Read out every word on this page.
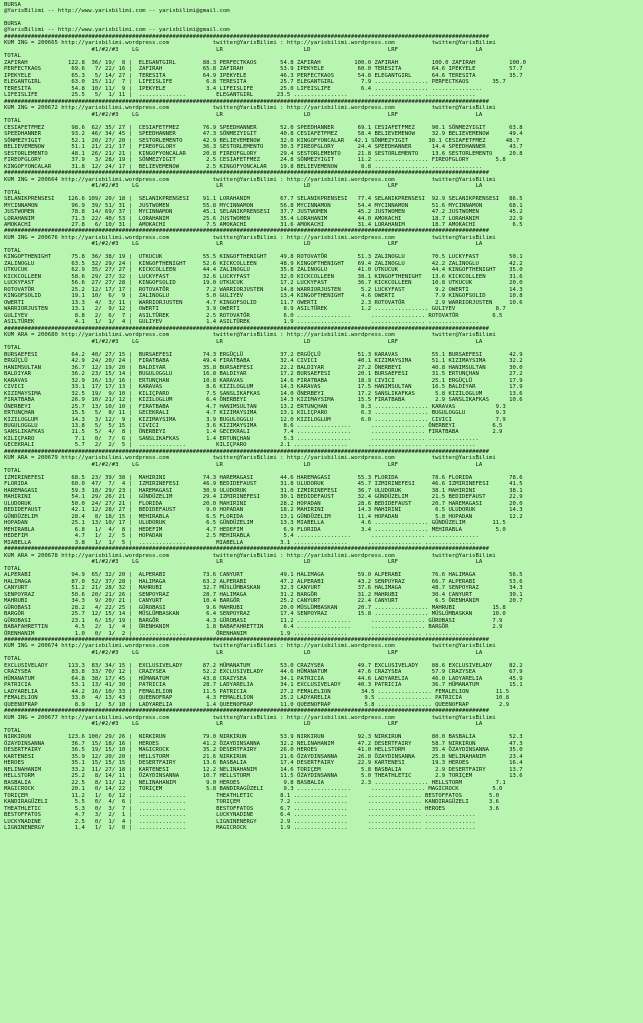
BURSA
@YarisBilimi -- http://www.yarisbilimi.com -- yarisbilimi@gmail.com
BURSA
@YarisBilimi -- http://www.yarisbilimi.com -- yarisbilimi@gmail.com
################################################################################################################################################
KUM ING = 200665 http://yarisbilimi.wordpress.com             twitter@YarisBilimi : http://yarisbilimi.wordpress.com           twitter@YarisBilimi
#1/#2/#3    LG                       LR                        LD                       LRF                       LA
TOTAL
ZAFIRAH            122.8  36/ 19/  8 |  ELEGANTGIRL        88.3 PERFECTKAOS       54.8 ZAFIRAH          100.0 ZAFIRAH          100.0 ZAFIRAH          100.0
PERFECTKAOS         69.6   7/ 22/ 16 |  ZAFIRAH            65.8 ZAFIRAH           53.9 IPEKYELE          60.0 TERESITA         64.6 IPEKYELE          57.7
IPEKYELE            65.3   5/ 14/ 27 |  TERESITA           64.9 IPEKYELE          46.3 PERFECTKAOS       54.8 ELEGANTGIRL      64.6 TERESITA          35.7
ELEGANTGIRL         63.0  15/ 11/  7 |  LIFEISLIFE          6.8 TERESITA          25.7 ELEGANTGIRL        7.9 ................ PERFECTKAOS       35.7
TERESITA            54.8  10/ 11/  9 |  IPEKYELE            3.4 LIFEISLIFE        25.0 LIFEISLIFE         6.4 ................ ...............
LIFEISLIFE          25.5   5/  1/ 11 |  ..............         ELEGANTGIRL       23.5 ................      ................ ...............
################################################################################################################################################
KUM ING = 200672 http://yarisbilimi.wordpress.com             twitter@YarisBilimi : http://yarisbilimi.wordpress.com           twitter@YarisBilimi
#1/#2/#3    LG                       LR                        LD                       LRF                       LA
TOTAL
CESIAFETFMEZ        98.6  62/ 35/ 27 |  CESIAFETFMEZ       76.9 SPEEDHANNER       52.0 SPEEDHANNER       69.1 CESIAFETFMEZ     90.1 SÖNMEZYIGIT       63.8
SPEEDHANNER         93.2  46/ 34/ 45 |  SPEEDHANNER        47.3 SÖNMEZYIGIT       40.8 CESIAFETFMEZ      58.4 BELIEVEMENOW     32.9 BELIEVEMENOW      49.4
SÖNMEZYIGIT         52.1  20/ 27/ 20 |  SESTORLEMENTO      42.9 BELIEVEMENOW      32.0 KINGOFYONCALAR   42.1 SÖNMEZYIGIT      38.1 CESIAFETFMEZ      48.7
BELIEVEMENOW        51.1  21/ 21/ 17 |  FIREOFGLORY        36.3 SESTORLEMENTO     30.3 FIREOFGLORY       24.4 SPEEDHANNER      14.4 SPEEDHANNER       43.7
SESTORLEMENTO       48.1  26/ 21/ 21 |  KINGOFYONCALAR     20.8 FIREOFGLORY       29.4 SESTORLEMENTO     21.8 SESTORLEMENTO    13.6 SESTORLEMENTO     20.8
FIREOFGLORY         37.9   3/ 28/ 19 |  SÖNMEZYIGIT         2.5 CESIAFETFMEZ      24.8 SÖNMEZYIGIT       11.2 ................ FIREOFGLORY        5.8
KINGOFYONCALAR      31.8  12/ 24/ 17 |  BELIEVEMENOW        2.5 KINGOFYONCALAR    19.8 BELIEVEMENOW       8.8 ................ ...............
################################################################################################################################################
KUM ING = 200664 http://yarisbilimi.wordpress.com             twitter@YarisBilimi : http://yarisbilimi.wordpress.com           twitter@YarisBilimi
#1/#2/#3    LG                       LR                        LD                       LRF                       LA
TOTAL
SELANIKPRENSESI    126.6 109/ 20/ 18 |  SELANIKPRENSESI    91.1 LORAHANIM         67.7 SELANIKPRENSESI   77.4 SELANIKPRENSESI  92.9 SELANIKPRENSESI   86.5
MYCINNAMON          96.9  39/ 51/ 31 |  JUSTWOMEN          55.8 MYCINNAMON        56.8 MYCINNAMON        54.4 MYCINNAMON       51.6 MYCINNAMON        68.1
JUSTWOMEN           78.8  14/ 69/ 37 |  MYCINNAMON         45.1 SELANIKPRENSESI   37.7 JUSTWOMEN         45.2 JUSTWOMEN        47.2 JUSTWOMEN         45.2
LORAHANIM           71.3  22/ 40/ 53 |  LORAHANIM          25.6 JUSTWOMEN         35.4 LORAHANIM         44.0 AMOKACHI         18.7 LORAHANIM         22.9
AMOKACHI            27.8   6/ 10/ 31 |  AMOKACHI            7.5 AMOKACHI          31.6 AMOKACHI          31.4 LORAHANIM        18.7 AMOKACHI           6.5
################################################################################################################################################
KUM ING = 200676 http://yarisbilimi.wordpress.com             twitter@YarisBilimi : http://yarisbilimi.wordpress.com           twitter@YarisBilimi
#1/#2/#3    LG                       LR                        LD                       LRF                       LA
TOTAL
KINGOFTHENIGHT      75.8  36/ 38/ 19 |  UTKUCUK            55.5 KINGOFTHENIGHT    49.8 ROTOVATÖR         51.3 ZALINOGLU        70.5 LUCKYFAST         50.1
ZALINOGLU           63.5  32/ 29/ 24 |  KINGOFTHENIGHT     52.6 KICKCOLLEEN       48.9 KINGOFTHENIGHT    69.4 ZALINOGLU        42.2 ZALINOGLU         42.2
UTKUCUK             62.9  35/ 27/ 27 |  KICKCOLLEEN        44.4 ZALINOGLU         35.8 ZALINOGLU         41.0 UTKUCUK          44.4 KINGOFTHENIGHT    35.0
KICKCOLLEEN         58.6  29/ 27/ 32 |  LUCKYFAST          32.6 LUCKYFAST         32.0 KICKCOLLEEN       38.1 KINGOFTHENIGHT   13.6 KICKCOLLEEN       31.6
LUCKYFAST           56.6  27/ 27/ 28 |  KINGOFSOLID        19.0 UTKUCUK           17.2 LUCKYFAST         36.7 KICKCOLLEEN      10.8 UTKUCUK           20.0
ROTOVATÖR           25.2  12/ 17/ 17 |  ROTOVATÖR           7.2 WARRIORJUSTEN     14.8 WARRIORJUSTEN      5.2 LUCKYFAST         9.2 OWERTI            14.3
KINGOFSOLID         19.1  10/  6/  9 |  ZALINOGLU           5.0 GULIYEV           13.4 KINGOFTHENIGHT     4.6 OWERTI            7.9 KINGOFSOLID       10.8
OWERTI              13.3   4/  3/ 11 |  WARRIORJUSTEN       4.7 KINGOFSOLID       11.7 OWERTI             2.3 ROTOVATÖR         2.9 WARRIORJUSTEN     10.6
WARRIORJUSTEN       13.1   2/  9/ 12 |  OWERTI              3.9 OWERTI             8.9 ASILTÜREK          1.2 ................ GULIYEV            8.7
GULIYEV              8.8   2/  6/  7 |  ASILTÜREK           2.5 ROTOVATÖR          6.0 ................      ................ ROTOVATÖR          6.5
ASILTÜREK            4.1   1/  1/  4 |  GULIYEV             1.4 ASILTÜREK          1.9 ................      ................ ...............
################################################################################################################################################
KUM ARA = 200680 http://yarisbilimi.wordpress.com             twitter@YarisBilimi : http://yarisbilimi.wordpress.com           twitter@YarisBilimi
#1/#2/#3    LG                       LR                        LD                       LRF                       LA
TOTAL
BURSAEFESI          64.2  40/ 27/ 15 |  BURSAEFESI         74.3 ERGÜÇLÜ           37.2 ERGÜÇLÜ           51.3 KARAVAS          55.1 BURSAEFESI        42.9
ERGÜÇLÜ             42.9  24/ 20/ 24 |  FIRATBABA          49.4 FIRATBABA         32.4 CIVICI            40.1 KIZIMAYSIMA      51.1 KIZIMAYSIMA       32.2
HANIMSULTAN         36.7  12/ 19/ 20 |  BALDIYAR           35.8 BURSAEFESI        22.2 BALDIYAR          27.2 ÖNERBEYI         40.8 HANIMSULTAN       30.0
BALDIYAR            36.2  23/ 15/ 14 |  BUGULOGGLU         16.8 BALDIYAR          17.2 BURSAEFESI        20.1 BURSAEFESI       31.5 ERTUNÇHAN         27.2
KARAVAS             32.9  16/ 13/ 16 |  ERTUNÇHAN          10.8 KARAVAS           14.6 FIRATBABA         18.9 CIVICI           25.1 ERGÜÇLÜ           17.9
CIVICI              33.1  17/ 17/ 13 |  KARAVAS             8.6 KIZILOGLUM        14.3 KARAVAS           17.5 HANIMSULTAN      16.5 BALDIYAR          17.9
KIZIMAYSIMA         32.5  19/  9/ 10 |  KILIÇPARO           7.5 SANSLIKAFKAS      14.0 ÖNERBEYI          17.2 SANSLIKAFKAS      5.8 KIZILOGLUM        13.6
FIRATBABA           26.9  10/ 21/ 12 |  KIZILOGLUM          6.4 ÖNERBEYI          14.3 KIZIMAYSIMA       15.5 FIRATBABA         2.9 SANSLIKAFKAS      10.6
ÖNERBEYI            25.7  13/ 10/ 10 |  FIRATBABA           4.7 HANIMSULTAN       13.2 ERTUNÇHAN          8.3 ................ KARAVAS            9.3
ERTUNÇHAN           15.5   5/  8/ 11 |  GECEKRALI           4.7 KIZIMAYSIMA       13.1 KILIÇPARO          6.3 ................ BUGULOGGLU         9.3
KIZILOGLUM          14.3   3/ 12/  9 |  KIZIMAYSIMA         3.9 BUGULOGGLU        12.0 KIZILOGLUM         6.0 ................ CIVICI             7.9
BUGULOGGLU          13.8   5/  5/ 15 |  CIVICI              3.6 KIZIMAYSIMA        8.6 ................      ................ ÖNERBEYI           6.5
SANSLIKAFKAS        11.5   5/  4/  8 |  ÖNERBEYI            1.4 GECEKRALI          7.4 ................      ................ FIRATBABA          2.9
KILIÇPARO            7.1   0/  7/  6 |  SANSLIKAFKAS        1.4 ERTUNÇHAN          5.3 ................      ................ ...............
GECEKRALI            5.7   2/  2/  5 |  ..............         KILIÇPARO          2.1 ................      ................ ...............
################################################################################################################################################
KUM ARA = 200679 http://yarisbilimi.wordpress.com             twitter@YarisBilimi : http://yarisbilimi.wordpress.com           twitter@YarisBilimi
#1/#2/#3    LG                       LR                        LD                       LRF                       LA
TOTAL
IZMIRINEFESI        68.5  23/ 39/ 38 |  MAHIRINI           74.3 HAREMAGASI        44.6 HAREMAGASI        55.3 FLORIDA          78.6 FLORIDA           78.6
FLORIDA             60.0  47/  7/  4 |  IZMIRINEFESI       46.9 BEDIDEFAUST       31.8 ULUDORUK          45.7 IZMIRINEFESI     46.6 IZMIRINEFESI      41.5
HAREMAGASI          59.3  18/ 29/ 23 |  HAREMAGASI         30.9 ULUDORUK          31.0 IZMIRINEFESI      36.7 ULUDORUK         38.1 MAHIRINI          38.1
MAHIRINI            54.1  29/ 26/ 21 |  GÜNDÜZELIM         29.4 IZMIRINEFESI      30.1 BEDIDEFAUST       32.4 GÜNDÜZELIM       21.5 BEDIDEFAUST       22.9
ULUDORUK            50.0  24/ 27/ 21 |  FLORIDA            20.0 MAHIRINI          28.2 HOPADAN           28.6 BEDIDEFAUST      20.7 HAREMAGASI        20.0
BEDIDEFAUST         42.1  12/ 28/ 27 |  BEDIDEFAUST         9.0 HOPADAN           18.2 MAHIRINI          14.3 MAHIRINI          6.5 ULUDORUK          14.3
GÜNDÜZELIM          28.4   8/ 18/ 15 |  MEHIRABLA           6.5 FLORIDA           13.1 GÜNDÜZELIM        11.4 HOPADAN           5.8 HOPADAN           12.2
HOPADAN             25.1  13/ 10/ 17 |  ULUDORUK            6.5 GÜNDÜZELIM        13.3 MIABELLA           4.6 ................ GÜNDÜZELIM        11.5
MEHIRABLA            6.8   1/  4/  8 |  HEDEFIM             4.7 HEDEFIM            6.9 FLORIDA            3.4 ................ MEHIRABLA          5.0
HEDEFIM              4.7   1/  2/  5 |  HOPADAN             2.5 MEHIRABLA          5.4 ................      ................ ...............
MIABELLA             3.8   1/  1/  5 |  ..............         MIABELLA           3.1 ................      ................ ...............
################################################################################################################################################
KUM ARA = 200678 http://yarisbilimi.wordpress.com             twitter@YarisBilimi : http://yarisbilimi.wordpress.com           twitter@YarisBilimi
#1/#2/#3    LG                       LR                        LD                       LRF                       LA
TOTAL
ALPERABI            94.9  65/ 32/ 20 |  ALPERABI           73.6 CANYURT           49.1 HALIMAGA          59.0 ALPERABI         76.6 HALIMAGA          56.5
HALIMAGA            87.0  52/ 37/ 28 |  HALIMAGA           63.2 ALPERABI          47.2 ALPERABI          43.2 SENPOYRAZ        66.7 ALPERABI          53.6
CANYURT             51.2  21/ 28/ 32 |  MAHRUBI            32.7 MÜSLÜMBASKAN      32.3 CANYURT           37.6 HALIMAGA         48.7 SENPOYRAZ         34.3
SENPOYRAZ           50.6  20/ 21/ 26 |  SENPOYRAZ          28.7 HALIMAGA          31.2 BARGÖR            31.2 MAHRUBI          30.4 CANYURT           30.1
MAHRUBI             34.3   9/ 20/ 21 |  CANYURT            10.4 BARGÖR            25.2 CANYURT           22.4 CANYURT           6.5 ÖRENHANIM         20.7
GÜROBASI            28.2   4/ 22/ 25 |  GÜROBASI            9.6 MAHRUBI           20.0 MÜSLÜMBASKAN      20.7 ................ MAHRUBI           15.8
BARGÖR              25.7  12/ 15/ 14 |  MÜSLÜMBASKAN        6.4 SENPOYRAZ         17.4 SENPOYRAZ         15.8 ................ MÜSLÜMBASKAN      10.0
GÜROBASI            23.1   6/ 15/ 19 |  BARGÖR              4.3 GÜROBASI          11.2 ................      ................ GÜROBASI           7.9
BABAFAHRETTIN        4.5   2/  1/  4 |  ÖRENHANIM           1.8 BABAFAHRETTIN      6.4 ................      ................ BARGÖR             2.9
ÖRENHANIM            1.0   0/  1/  2 |  ..............         ÖRENHANIM          1.9 ................      ................ ...............
################################################################################################################################################
KUM ING = 200674 http://yarisbilimi.wordpress.com             twitter@YarisBilimi : http://yarisbilimi.wordpress.com           twitter@YarisBilimi
#1/#2/#3    LG                       LR                        LD                       LRF                       LA
TOTAL
EXCLUSIVELADY      113.3  83/ 34/ 15 |  EXCLUSIVELADY      87.2 HÜMANATUM         53.0 CRAZYSEA          49.7 EXCLUSIVELADY    88.6 EXCLUSIVELADY     82.2
CRAZYSEA            83.8  33/ 70/ 12 |  CRAZYSEA           52.2 EXCLUSIVELADY     44.6 HÜMANATUM         47.6 CRAZYSEA         57.9 CRAZYSEA          67.9
HÜMANATUM           64.8  38/ 17/ 45 |  HÜMANATUM          43.8 CRAZYSEA          34.1 PATRICIA          44.6 LADYARELIA       46.0 LADYARELIA        45.9
PATRICIA            53.1  13/ 41/ 30 |  PATRICIA           28.7 LADYARELIA        34.1 EXCLUSIVELADY     40.3 PATRICIA         36.7 HÜMANATUM         15.1
LADYARELIA          44.2  16/ 10/ 33 |  FEMALELION         11.5 PATRICIA          27.2 FEMALELION         34.5 ................ FEMALELION        11.5
FEMALELION          33.0   4/ 13/ 43 |  QUEENOFRAP          4.3 FEMALELION        25.2 LADYARELIA          9.5 ................ PATRICIA          10.8
QUEENOFRAP           8.9   1/  5/ 10 |  LADYARELIA          1.4 QUEENOFRAP        11.0 QUEENOFRAP          5.8 ................ QUEENOFRAP         2.9
################################################################################################################################################
KUM ING = 200677 http://yarisbilimi.wordpress.com             twitter@YarisBilimi : http://yarisbilimi.wordpress.com           twitter@YarisBilimi
#1/#2/#3    LG                       LR                        LD                       LRF                       LA
TOTAL
NIRKIRUN           123.6 100/ 29/ 26 |  NIRKIRUN           79.0 NIRKIRUN          53.9 NIRKIRUN          92.3 NIRKIRUN         80.0 BASBALIA          52.3
ÖZAYDINSANNA        36.7  15/ 18/ 16 |  HEROES             41.2 ÖZAYDINSANNA      32.2 NELINAHANIM       47.2 DESERTFAIRY      58.7 NIRKIRUN          47.3
DESERTFAIRY         36.5  19/ 15/ 10 |  MAGICROCK          35.2 DESERTFAIRY       26.0 HEROES            41.0 HELLSTORM        35.4 ÖZAYDINSANNA      35.0
KARTENESI           35.9  12/ 20/ 20 |  HELLSTORM          21.6 NIRKIRUN          21.6 ÖZAYDINSANNA      26.8 ÖZAYDINSANNA     25.8 NELINAHANIM       23.4
HEROES              35.1  15/ 15/ 15 |  DESERTFAIRY        13.6 BASBALIA          17.4 DESERTFAIRY       22.9 KARTENESI        19.3 HEROES            16.4
NELINAHANIM         33.2  11/ 27/ 18 |  KARTENESI          12.2 NELINAHANIM       14.6 TORIÇEM            5.8 BASBALIA          2.9 DESERTFAIRY       13.7
HELLSTORM           25.2   8/ 14/ 11 |  ÖZAYDINSANNA       10.7 HELLSTORM         11.5 ÖZAYDINSANNA       5.0 THEATHLETIC       2.9 TORIÇEM           13.6
BASBALIA            22.5   8/ 11/ 12 |  NELINAHANIM         9.0 HEROES             9.8 BASBALIA           2.3 ................ HELLSTORM          7.1
MAGICROCK           20.1   0/ 14/ 22 |  TORIÇEM             5.8 BANDIRAGÜZELI      9.3 ................      ................ MAGICROCK          5.0
TORIÇEM             11.2   1/  6/ 12 |  ..............         THEATHLETIC        8.1 ................      ................ BESTOFFATOS        5.0
KANDIRAGÜZELI        5.5   0/  4/  6 |  ..............         TORIÇEM            7.2 ................      ................ KANDIRAGÜZELI      3.6
THEATHLETIC          5.3   0/  3/  7 |  ..............         BESTOFFATOS        6.7 ................      ................ HEROES             3.6
BESTOFFATOS          4.7   3/  2/  1 |  ..............         LUCKYNADINE        6.4 ................      ................ ...............
LUCKYNADINE          2.5   0/  1/  4 |  ..............         LIGNINENERGY       2.9 ................      ................ ...............
LIGNINENERGY         1.4   1/  1/  0 |  ..............         MAGICROCK          1.9 ................      ................ ...............
